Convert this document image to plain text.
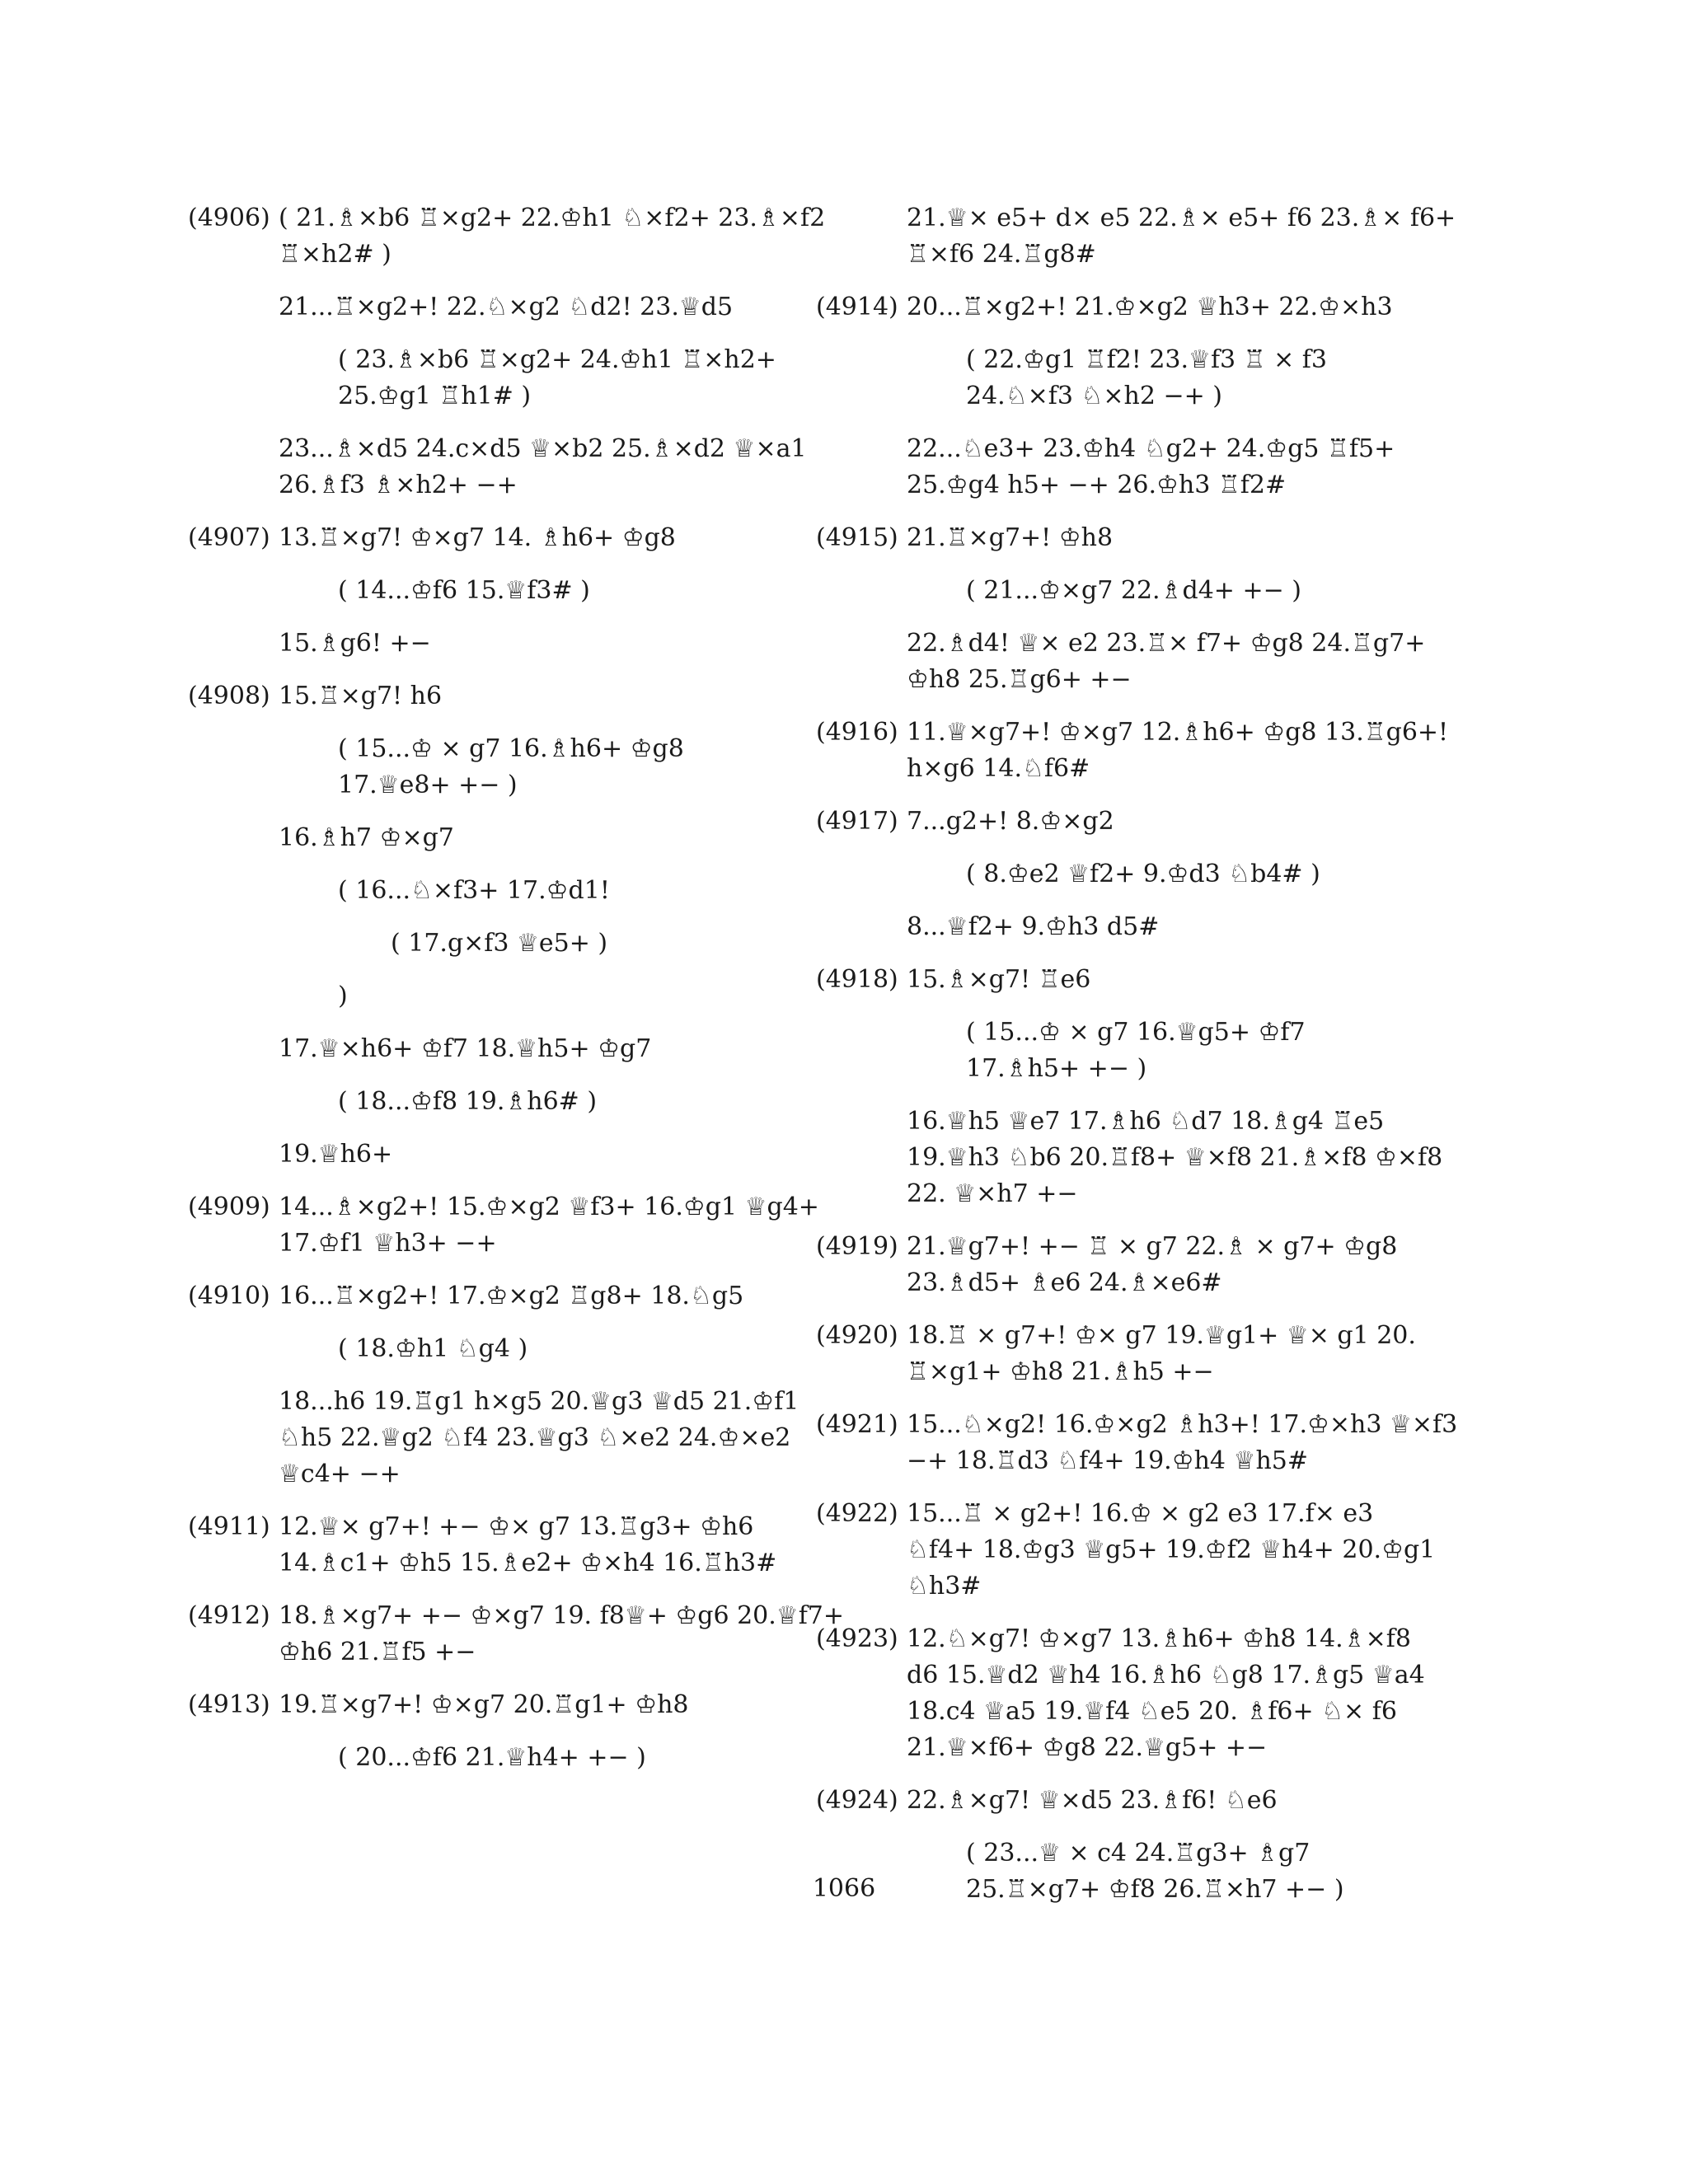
(4906) ( 21.♗×b6 ♖×g2+ 22.♔h1 ♘×f2+ 23.♗×f2
♖×h2# )
21...♖×g2+! 22.♘×g2 ♘d2! 23.♕d5
( 23.♗×b6 ♖×g2+ 24.♔h1 ♖×h2+
25.♔g1 ♖h1# )
23...♗×d5 24.c×d5 ♕×b2 25.♗×d2 ♕×a1
26.♗f3 ♗×h2+ −+
(4907) 13.♖×g7! ♔×g7 14. ♗h6+ ♔g8
( 14...♔f6 15.♕f3# )
15.♗g6! +−
(4908) 15.♖×g7! h6
( 15...♔ × g7 16.♗h6+ ♔g8
17.♕e8+ +− )
16.♗h7 ♔×g7
( 16...♘×f3+ 17.♔d1!
( 17.g×f3 ♕e5+ )
)
17.♕×h6+ ♔f7 18.♕h5+ ♔g7
( 18...♔f8 19.♗h6# )
19.♕h6+
(4909) 14...♗×g2+! 15.♔×g2 ♕f3+ 16.♔g1 ♕g4+
17.♔f1 ♕h3+ −+
(4910) 16...♖×g2+! 17.♔×g2 ♖g8+ 18.♘g5
( 18.♔h1 ♘g4 )
18...h6 19.♖g1 h×g5 20.♕g3 ♕d5 21.♔f1
♘h5 22.♕g2 ♘f4 23.♕g3 ♘×e2 24.♔×e2
♕c4+ −+
(4911) 12.♕× g7+! +− ♔× g7 13.♖g3+ ♔h6
14.♗c1+ ♔h5 15.♗e2+ ♔×h4 16.♖h3#
(4912) 18.♗×g7+ +− ♔×g7 19. f8♕+ ♔g6 20.♕f7+
♔h6 21.♖f5 +−
(4913) 19.♖×g7+! ♔×g7 20.♖g1+ ♔h8
( 20...♔f6 21.♕h4+ +− )
21.♕× e5+ d× e5 22.♗× e5+ f6 23.♗× f6+
♖×f6 24.♖g8#
(4914) 20...♖×g2+! 21.♔×g2 ♕h3+ 22.♔×h3
( 22.♔g1 ♖f2! 23.♕f3 ♖ × f3
24.♘×f3 ♘×h2 −+ )
22...♘e3+ 23.♔h4 ♘g2+ 24.♔g5 ♖f5+
25.♔g4 h5+ −+ 26.♔h3 ♖f2#
(4915) 21.♖×g7+! ♔h8
( 21...♔×g7 22.♗d4+ +− )
22.♗d4! ♕× e2 23.♖× f7+ ♔g8 24.♖g7+
♔h8 25.♖g6+ +−
(4916) 11.♕×g7+! ♔×g7 12.♗h6+ ♔g8 13.♖g6+!
h×g6 14.♘f6#
(4917) 7...g2+! 8.♔×g2
( 8.♔e2 ♕f2+ 9.♔d3 ♘b4# )
8...♕f2+ 9.♔h3 d5#
(4918) 15.♗×g7! ♖e6
( 15...♔ × g7 16.♕g5+ ♔f7
17.♗h5+ +− )
16.♕h5 ♕e7 17.♗h6 ♘d7 18.♗g4 ♖e5
19.♕h3 ♘b6 20.♖f8+ ♕×f8 21.♗×f8 ♔×f8
22. ♕×h7 +−
(4919) 21.♕g7+! +− ♖ × g7 22.♗ × g7+ ♔g8
23.♗d5+ ♗e6 24.♗×e6#
(4920) 18.♖ × g7+! ♔× g7 19.♕g1+ ♕× g1 20.
♖×g1+ ♔h8 21.♗h5 +−
(4921) 15...♘×g2! 16.♔×g2 ♗h3+! 17.♔×h3 ♕×f3
−+ 18.♖d3 ♘f4+ 19.♔h4 ♕h5#
(4922) 15...♖ × g2+! 16.♔ × g2 e3 17.f× e3
♘f4+ 18.♔g3 ♕g5+ 19.♔f2 ♕h4+ 20.♔g1
♘h3#
(4923) 12.♘×g7! ♔×g7 13.♗h6+ ♔h8 14.♗×f8
d6 15.♕d2 ♕h4 16.♗h6 ♘g8 17.♗g5 ♕a4
18.c4 ♕a5 19.♕f4 ♘e5 20. ♗f6+ ♘× f6
21.♕×f6+ ♔g8 22.♕g5+ +−
(4924) 22.♗×g7! ♕×d5 23.♗f6! ♘e6
( 23...♕ × c4 24.♖g3+ ♗g7
25.♖×g7+ ♔f8 26.♖×h7 +− )
1066
